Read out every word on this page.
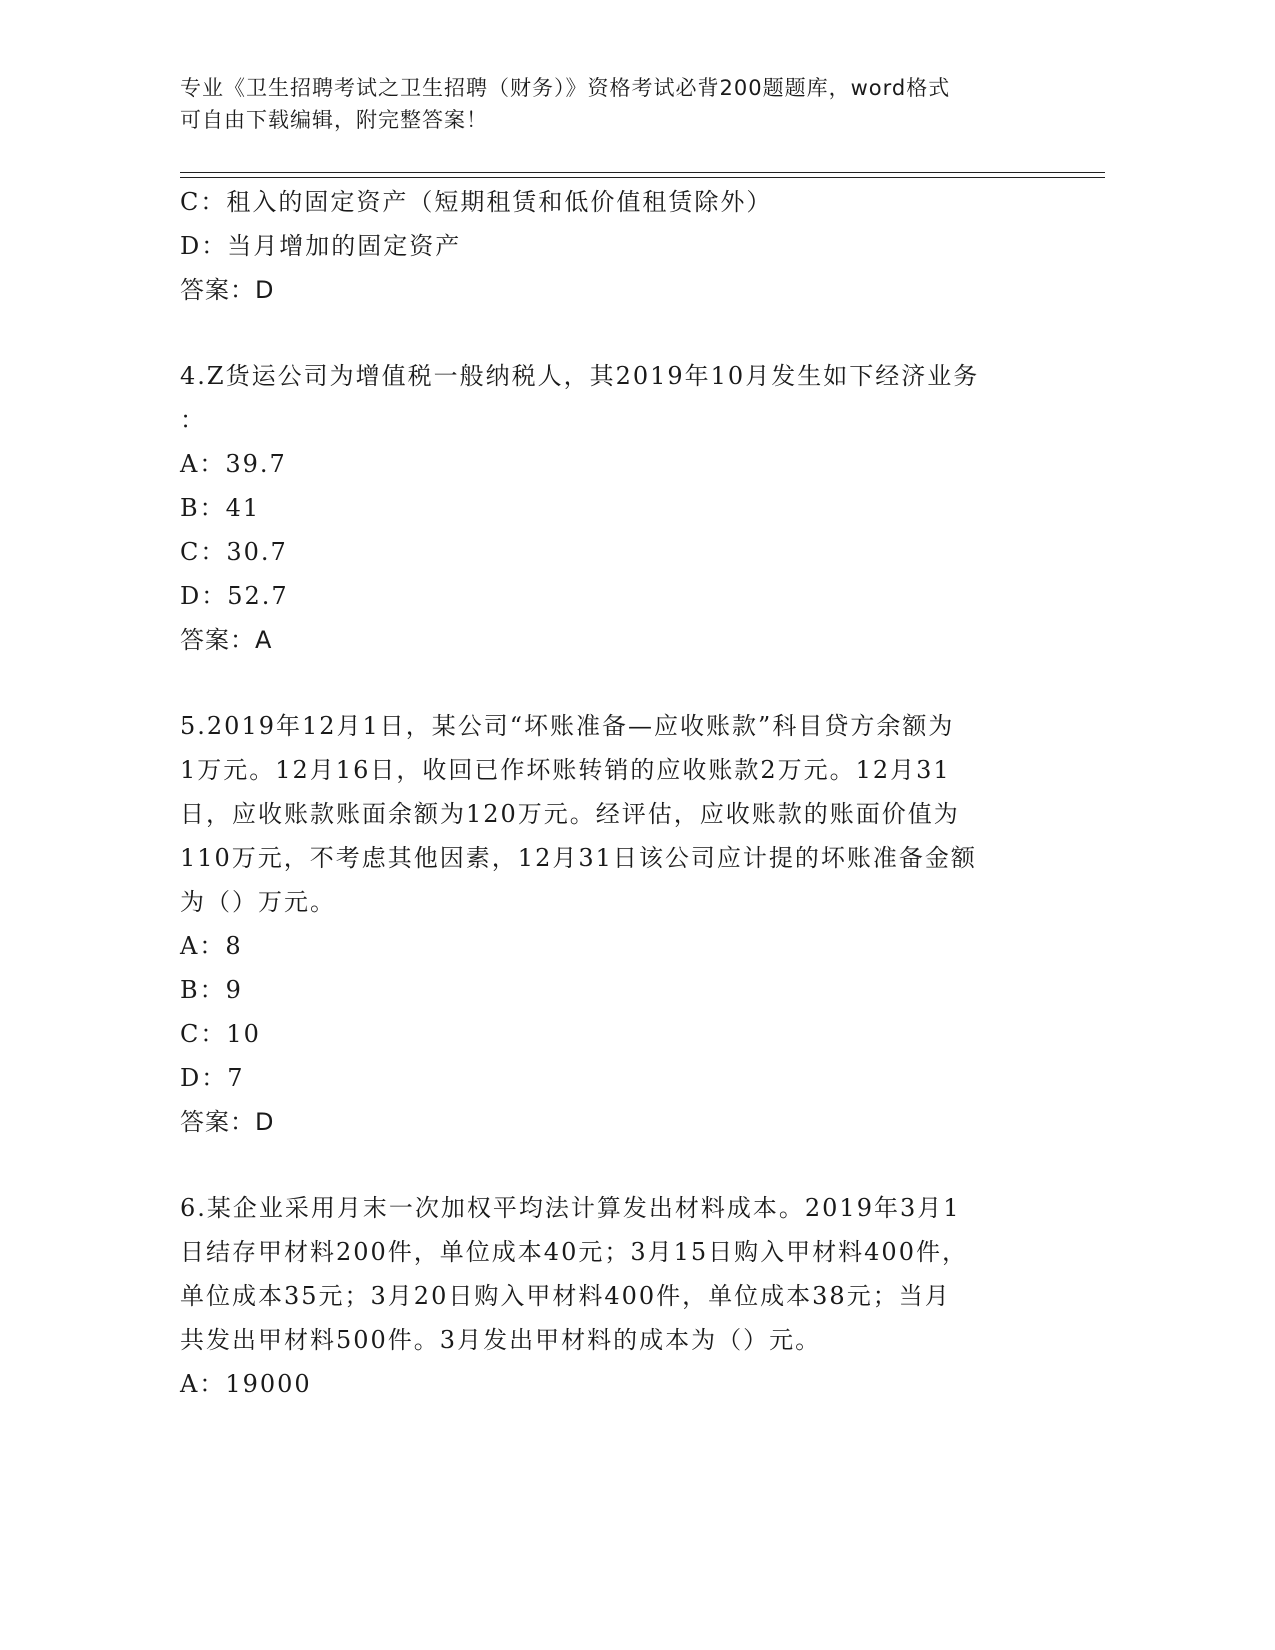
专业《卫生招聘考试之卫生招聘（财务）》资格考试必背200题题库，word格式
可自由下载编辑，附完整答案！
C：租入的固定资产（短期租赁和低价值租赁除外）
D：当月增加的固定资产
答案：D
4.Z货运公司为增值税一般纳税人，其2019年10月发生如下经济业务
：
A：39.7
B：41
C：30.7
D：52.7
答案：A
5.2019年12月1日，某公司“坏账准备—应收账款”科目贷方余额为
1万元。12月16日，收回已作坏账转销的应收账款2万元。12月31
日，应收账款账面余额为120万元。经评估，应收账款的账面价值为
110万元，不考虑其他因素，12月31日该公司应计提的坏账准备金额
为（）万元。
A：8
B：9
C：10
D：7
答案：D
6.某企业采用月末一次加权平均法计算发出材料成本。2019年3月1
日结存甲材料200件，单位成本40元；3月15日购入甲材料400件，
单位成本35元；3月20日购入甲材料400件，单位成本38元；当月
共发出甲材料500件。3月发出甲材料的成本为（）元。
A：19000
